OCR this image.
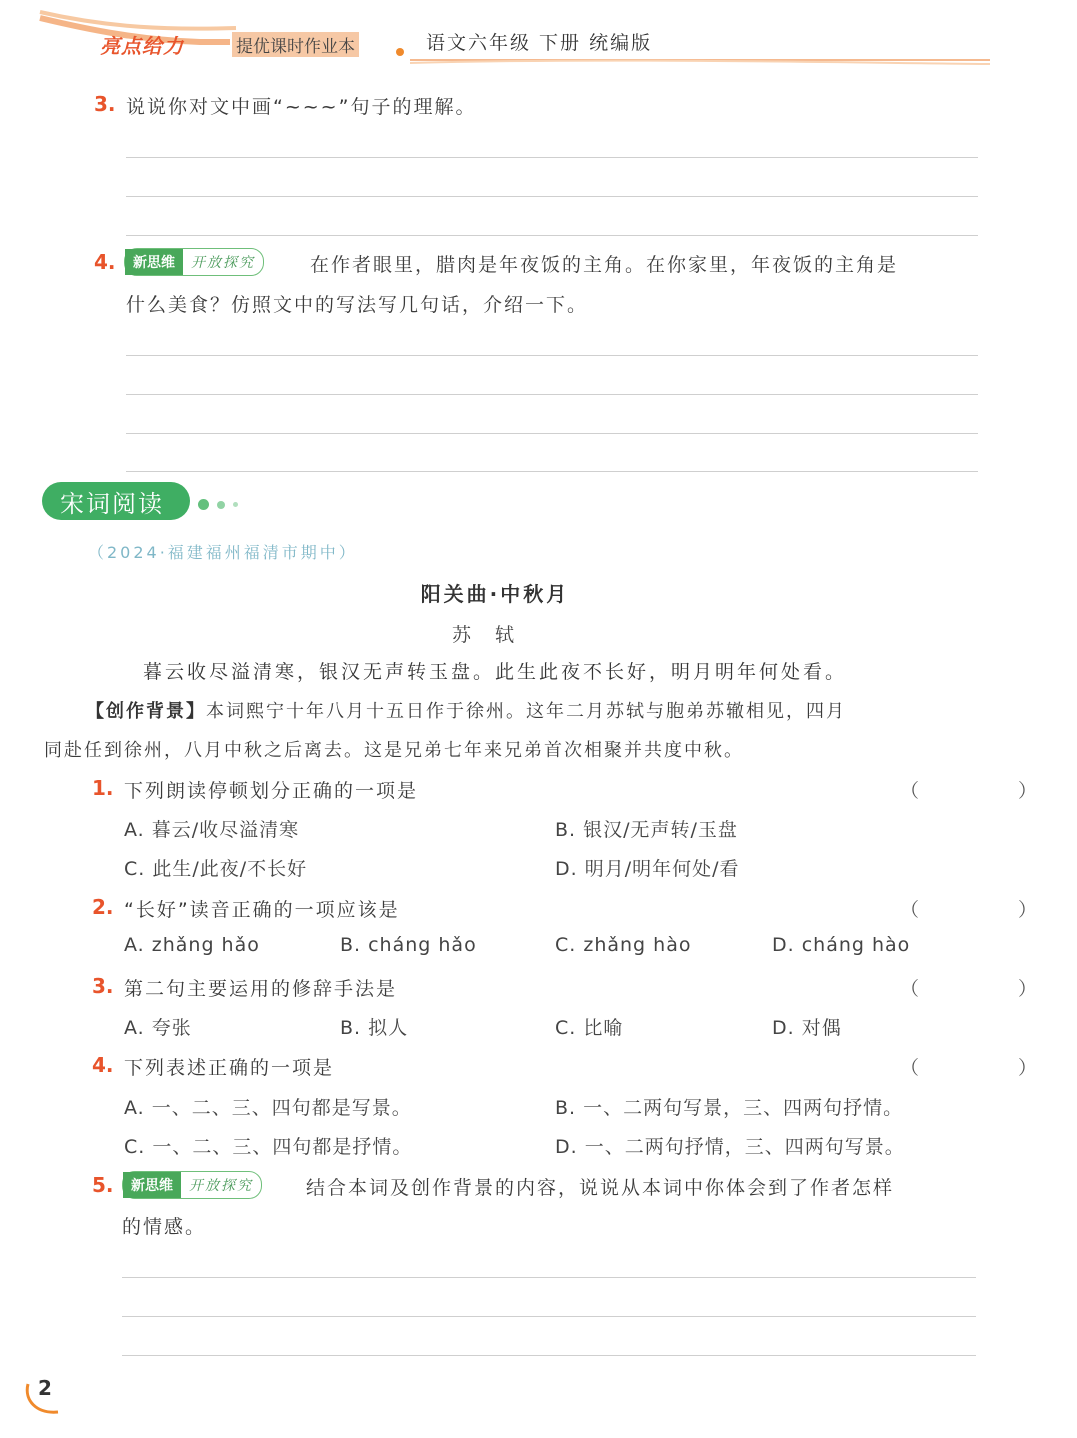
亮点给力	提优课时作业本	语文六年级 下册 统编版
3. 说说你对文中画“~~~”句子的理解。
4.	新思维	开放探究	在作者眼里，腊肉是年夜饭的主角。在你家里，年夜饭的主角是
什么美食？仿照文中的写法写几句话，介绍一下。
宋词阅读
（2024·福建福州福清市期中）
阳关曲·中秋月
苏轼
暮云收尽溢清寒，银汉无声转玉盘。此生此夜不长好，明月明年何处看。
【创作背景】本词熙宁十年八月十五日作于徐州。这年二月苏轼与胞弟苏辙相见，四月
同赴任到徐州，八月中秋之后离去。这是兄弟七年来兄弟首次相聚并共度中秋。
1. 下列朗读停顿划分正确的一项是	（　）
A. 暮云/收尽溢清寒	B. 银汉/无声转/玉盘
C. 此生/此夜/不长好	D. 明月/明年何处/看
2. “长好”读音正确的一项应该是	（　）
A. zhǎng hǎo	B. cháng hǎo	C. zhǎng hào	D. cháng hào
3. 第二句主要运用的修辞手法是	（　）
A. 夸张	B. 拟人	C. 比喻	D. 对偶
4. 下列表述正确的一项是	（　）
A. 一、二、三、四句都是写景。	B. 一、二两句写景，三、四两句抒情。
C. 一、二、三、四句都是抒情。	D. 一、二两句抒情，三、四两句写景。
5.	新思维	开放探究	结合本词及创作背景的内容，说说从本词中你体会到了作者怎样
的情感。
2
